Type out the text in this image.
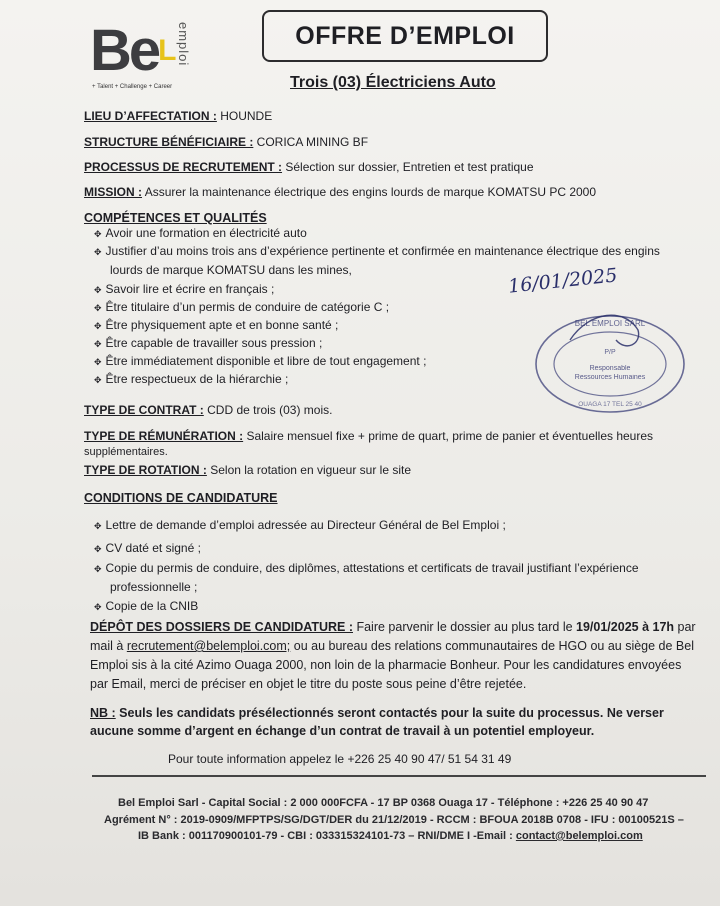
BeL emploi
+ Talent + Challenge + Career
OFFRE D’EMPLOI
Trois (03) Électriciens Auto
LIEU D’AFFECTATION : HOUNDE
STRUCTURE BÉNÉFICIAIRE : CORICA MINING BF
PROCESSUS DE RECRUTEMENT : Sélection sur dossier, Entretien et test pratique
MISSION : Assurer la maintenance électrique des engins lourds de marque KOMATSU PC 2000
COMPÉTENCES ET QUALITÉS
✥ Avoir une formation en électricité auto
✥ Justifier d’au moins trois ans d’expérience pertinente et confirmée en maintenance électrique des engins
lourds de marque KOMATSU dans les mines,
✥ Savoir lire et écrire en français ;
✥ Être titulaire d’un permis de conduire de catégorie C ;
✥ Être physiquement apte et en bonne santé ;
✥ Être capable de travailler sous pression ;
✥ Être immédiatement disponible et libre de tout engagement ;
✥ Être respectueux de la hiérarchie ;
16/01/2025
BEL EMPLOI SARL
P/P
Responsable
Ressources Humaines
OUAGA 17 TEL 25 40
TYPE DE CONTRAT : CDD de trois (03) mois.
TYPE DE RÉMUNÉRATION : Salaire mensuel fixe + prime de quart, prime de panier et éventuelles heures
supplémentaires.
TYPE DE ROTATION : Selon la rotation en vigueur sur le site
CONDITIONS DE CANDIDATURE
✥ Lettre de demande d’emploi adressée au Directeur Général de Bel Emploi ;
✥ CV daté et signé ;
✥ Copie du permis de conduire, des diplômes, attestations et certificats de travail justifiant l’expérience
professionnelle ;
✥ Copie de la CNIB
DÉPÔT DES DOSSIERS DE CANDIDATURE : Faire parvenir le dossier au plus tard le 19/01/2025 à 17h par
mail à recrutement@belemploi.com; ou au bureau des relations communautaires de HGO ou au siège de Bel
Emploi sis à la cité Azimo Ouaga 2000, non loin de la pharmacie Bonheur. Pour les candidatures envoyées
par Email, merci de préciser en objet le titre du poste sous peine d’être rejetée.
NB : Seuls les candidats présélectionnés seront contactés pour la suite du processus. Ne verser
aucune somme d’argent en échange d’un contrat de travail à un potentiel employeur.
Pour toute information appelez le +226 25 40 90 47/ 51 54 31 49
Bel Emploi Sarl - Capital Social : 2 000 000FCFA - 17 BP 0368 Ouaga 17 - Téléphone : +226 25 40 90 47
Agrément N° : 2019-0909/MFPTPS/SG/DGT/DER du 21/12/2019 - RCCM : BFOUA 2018B 0708 - IFU : 00100521S –
IB Bank : 001170900101-79 - CBI : 033315324101-73 – RNI/DME I -Email : contact@belemploi.com
